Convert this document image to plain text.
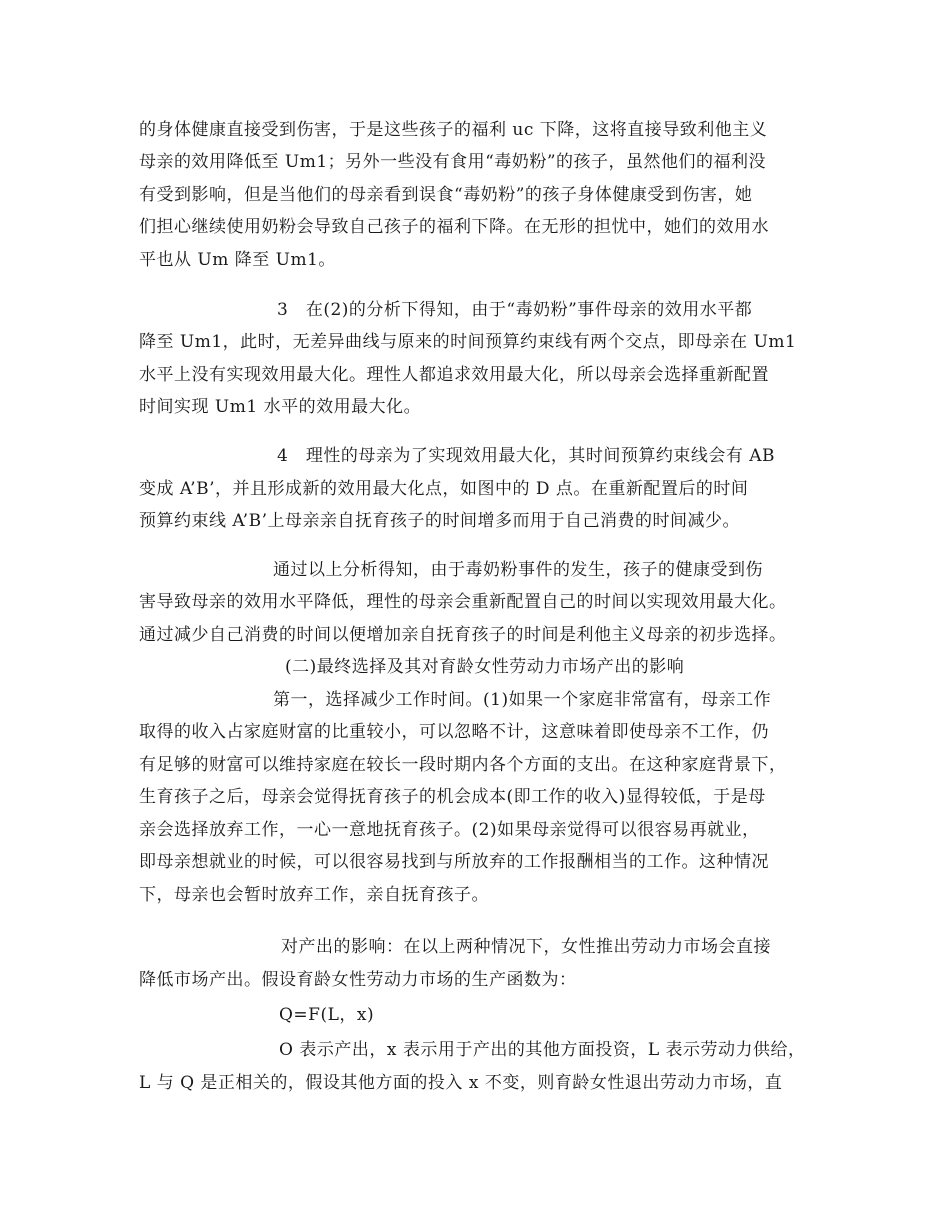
的身体健康直接受到伤害，于是这些孩子的福利 uc 下降，这将直接导致利他主义

母亲的效用降低至 Um1；另外一些没有食用“毒奶粉”的孩子，虽然他们的福利没

有受到影响，但是当他们的母亲看到误食“毒奶粉”的孩子身体健康受到伤害，她

们担心继续使用奶粉会导致自己孩子的福利下降。在无形的担忧中，她们的效用水

平也从 Um 降至 Um1。

3　在(2)的分析下得知，由于“毒奶粉”事件母亲的效用水平都

降至 Um1，此时，无差异曲线与原来的时间预算约束线有两个交点，即母亲在 Um1

水平上没有实现效用最大化。理性人都追求效用最大化，所以母亲会选择重新配置

时间实现 Um1 水平的效用最大化。

4　理性的母亲为了实现效用最大化，其时间预算约束线会有 AB

变成 A’B’，并且形成新的效用最大化点，如图中的 D 点。在重新配置后的时间

预算约束线 A’B’上母亲亲自抚育孩子的时间增多而用于自己消费的时间减少。

通过以上分析得知，由于毒奶粉事件的发生，孩子的健康受到伤

害导致母亲的效用水平降低，理性的母亲会重新配置自己的时间以实现效用最大化。

通过减少自己消费的时间以便增加亲自抚育孩子的时间是利他主义母亲的初步选择。

(二)最终选择及其对育龄女性劳动力市场产出的影响

第一，选择减少工作时间。(1)如果一个家庭非常富有，母亲工作

取得的收入占家庭财富的比重较小，可以忽略不计，这意味着即使母亲不工作，仍

有足够的财富可以维持家庭在较长一段时期内各个方面的支出。在这种家庭背景下，

生育孩子之后，母亲会觉得抚育孩子的机会成本(即工作的收入)显得较低，于是母

亲会选择放弃工作，一心一意地抚育孩子。(2)如果母亲觉得可以很容易再就业，

即母亲想就业的时候，可以很容易找到与所放弃的工作报酬相当的工作。这种情况

下，母亲也会暂时放弃工作，亲自抚育孩子。

对产出的影响：在以上两种情况下，女性推出劳动力市场会直接

降低市场产出。假设育龄女性劳动力市场的生产函数为：

Q=F(L，x)

O 表示产出，x 表示用于产出的其他方面投资，L 表示劳动力供给，

L 与 Q 是正相关的，假设其他方面的投入 x 不变，则育龄女性退出劳动力市场，直
